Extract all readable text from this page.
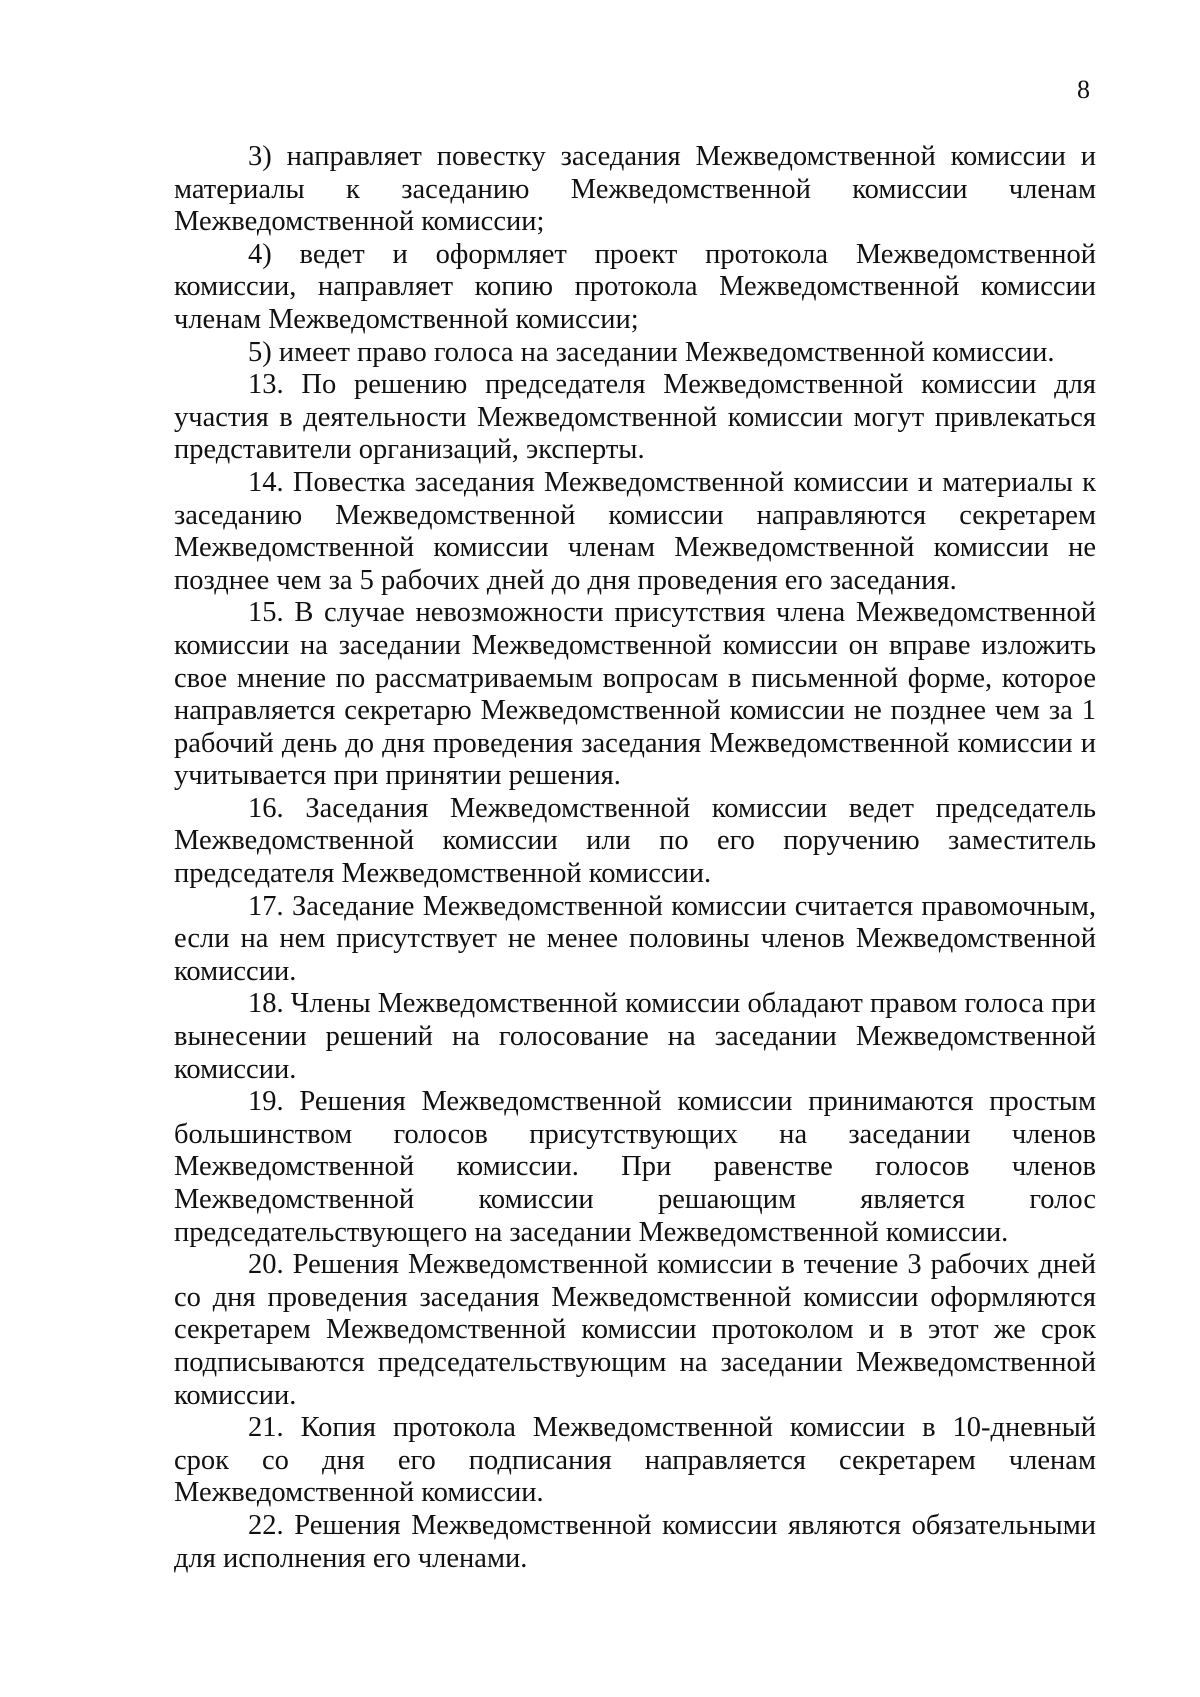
8

3) направляет повестку заседания Межведомственной комиссии и материалы к заседанию Межведомственной комиссии членам Межведомственной комиссии;

4) ведет и оформляет проект протокола Межведомственной комиссии, направляет копию протокола Межведомственной комиссии членам Межведомственной комиссии;

5) имеет право голоса на заседании Межведомственной комиссии.

13. По решению председателя Межведомственной комиссии для участия в деятельности Межведомственной комиссии могут привлекаться представители организаций, эксперты.

14. Повестка заседания Межведомственной комиссии и материалы к заседанию Межведомственной комиссии направляются секретарем Межведомственной комиссии членам Межведомственной комиссии не позднее чем за 5 рабочих дней до дня проведения его заседания.

15. В случае невозможности присутствия члена Межведомственной комиссии на заседании Межведомственной комиссии он вправе изложить свое мнение по рассматриваемым вопросам в письменной форме, которое направляется секретарю Межведомственной комиссии не позднее чем за 1 рабочий день до дня проведения заседания Межведомственной комиссии и учитывается при принятии решения.

16. Заседания Межведомственной комиссии ведет председатель Межведомственной комиссии или по его поручению заместитель председателя Межведомственной комиссии.

17. Заседание Межведомственной комиссии считается правомочным, если на нем присутствует не менее половины членов Межведомственной комиссии.

18. Члены Межведомственной комиссии обладают правом голоса при вынесении решений на голосование на заседании Межведомственной комиссии.

19. Решения Межведомственной комиссии принимаются простым большинством голосов присутствующих на заседании членов Межведомственной комиссии. При равенстве голосов членов Межведомственной комиссии решающим является голос председательствующего на заседании Межведомственной комиссии.

20. Решения Межведомственной комиссии в течение 3 рабочих дней со дня проведения заседания Межведомственной комиссии оформляются секретарем Межведомственной комиссии протоколом и в этот же срок подписываются председательствующим на заседании Межведомственной комиссии.

21. Копия протокола Межведомственной комиссии в 10-дневный срок со дня его подписания направляется секретарем членам Межведомственной комиссии.

22. Решения Межведомственной комиссии являются обязательными для исполнения его членами.
